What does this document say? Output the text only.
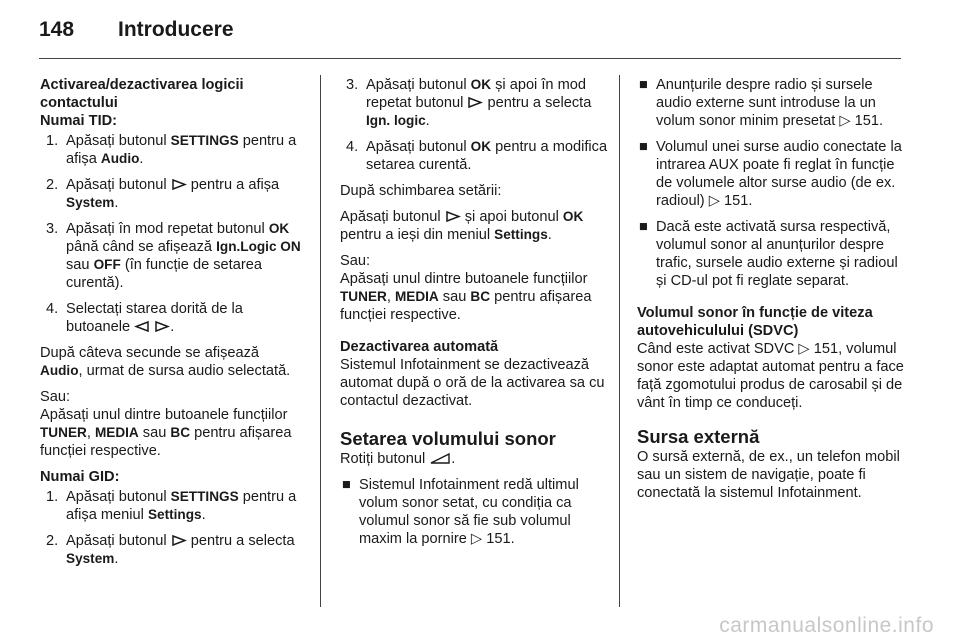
148 Introducere

Activarea/dezactivarea logicii contactului

Numai TID:

1. Apăsați butonul SETTINGS pentru a afișa Audio.
2. Apăsați butonul  pentru a afișa System.
3. Apăsați în mod repetat butonul OK până când se afișează Ign.Logic ON sau OFF (în funcție de setarea curentă).
4. Selectați starea dorită de la butoanele  .

După câteva secunde se afișează Audio, urmat de sursa audio selectată.

Sau:

Apăsați unul dintre butoanele funcțiilor TUNER, MEDIA sau BC pentru afișarea funcției respective.

Numai GID:

1. Apăsați butonul SETTINGS pentru a afișa meniul Settings.
2. Apăsați butonul  pentru a selecta System.
3. Apăsați butonul OK și apoi în mod repetat butonul  pentru a selecta Ign. logic.
4. Apăsați butonul OK pentru a modifica setarea curentă.

După schimbarea setării:

Apăsați butonul  și apoi butonul OK pentru a ieși din meniul Settings.

Sau:

Apăsați unul dintre butoanele funcțiilor TUNER, MEDIA sau BC pentru afișarea funcției respective.

Dezactivarea automată

Sistemul Infotainment se dezactivează automat după o oră de la activarea sa cu contactul dezactivat.

Setarea volumului sonor

Rotiți butonul .

■ Sistemul Infotainment redă ultimul volum sonor setat, cu condiția ca volumul sonor să fie sub volumul maxim la pornire ▷ 151.
■ Anunțurile despre radio și sursele audio externe sunt introduse la un volum sonor minim presetat ▷ 151.
■ Volumul unei surse audio conectate la intrarea AUX poate fi reglat în funcție de volumele altor surse audio (de ex. radioul) ▷ 151.
■ Dacă este activată sursa respectivă, volumul sonor al anunțurilor despre trafic, sursele audio externe și radioul și CD-ul pot fi reglate separat.

Volumul sonor în funcție de viteza autovehiculului (SDVC)

Când este activat SDVC ▷ 151, volumul sonor este adaptat automat pentru a face față zgomotului produs de carosabil și de vânt în timp ce conduceți.

Sursa externă

O sursă externă, de ex., un telefon mobil sau un sistem de navigație, poate fi conectată la sistemul Infotainment.

carmanualsonline.info
